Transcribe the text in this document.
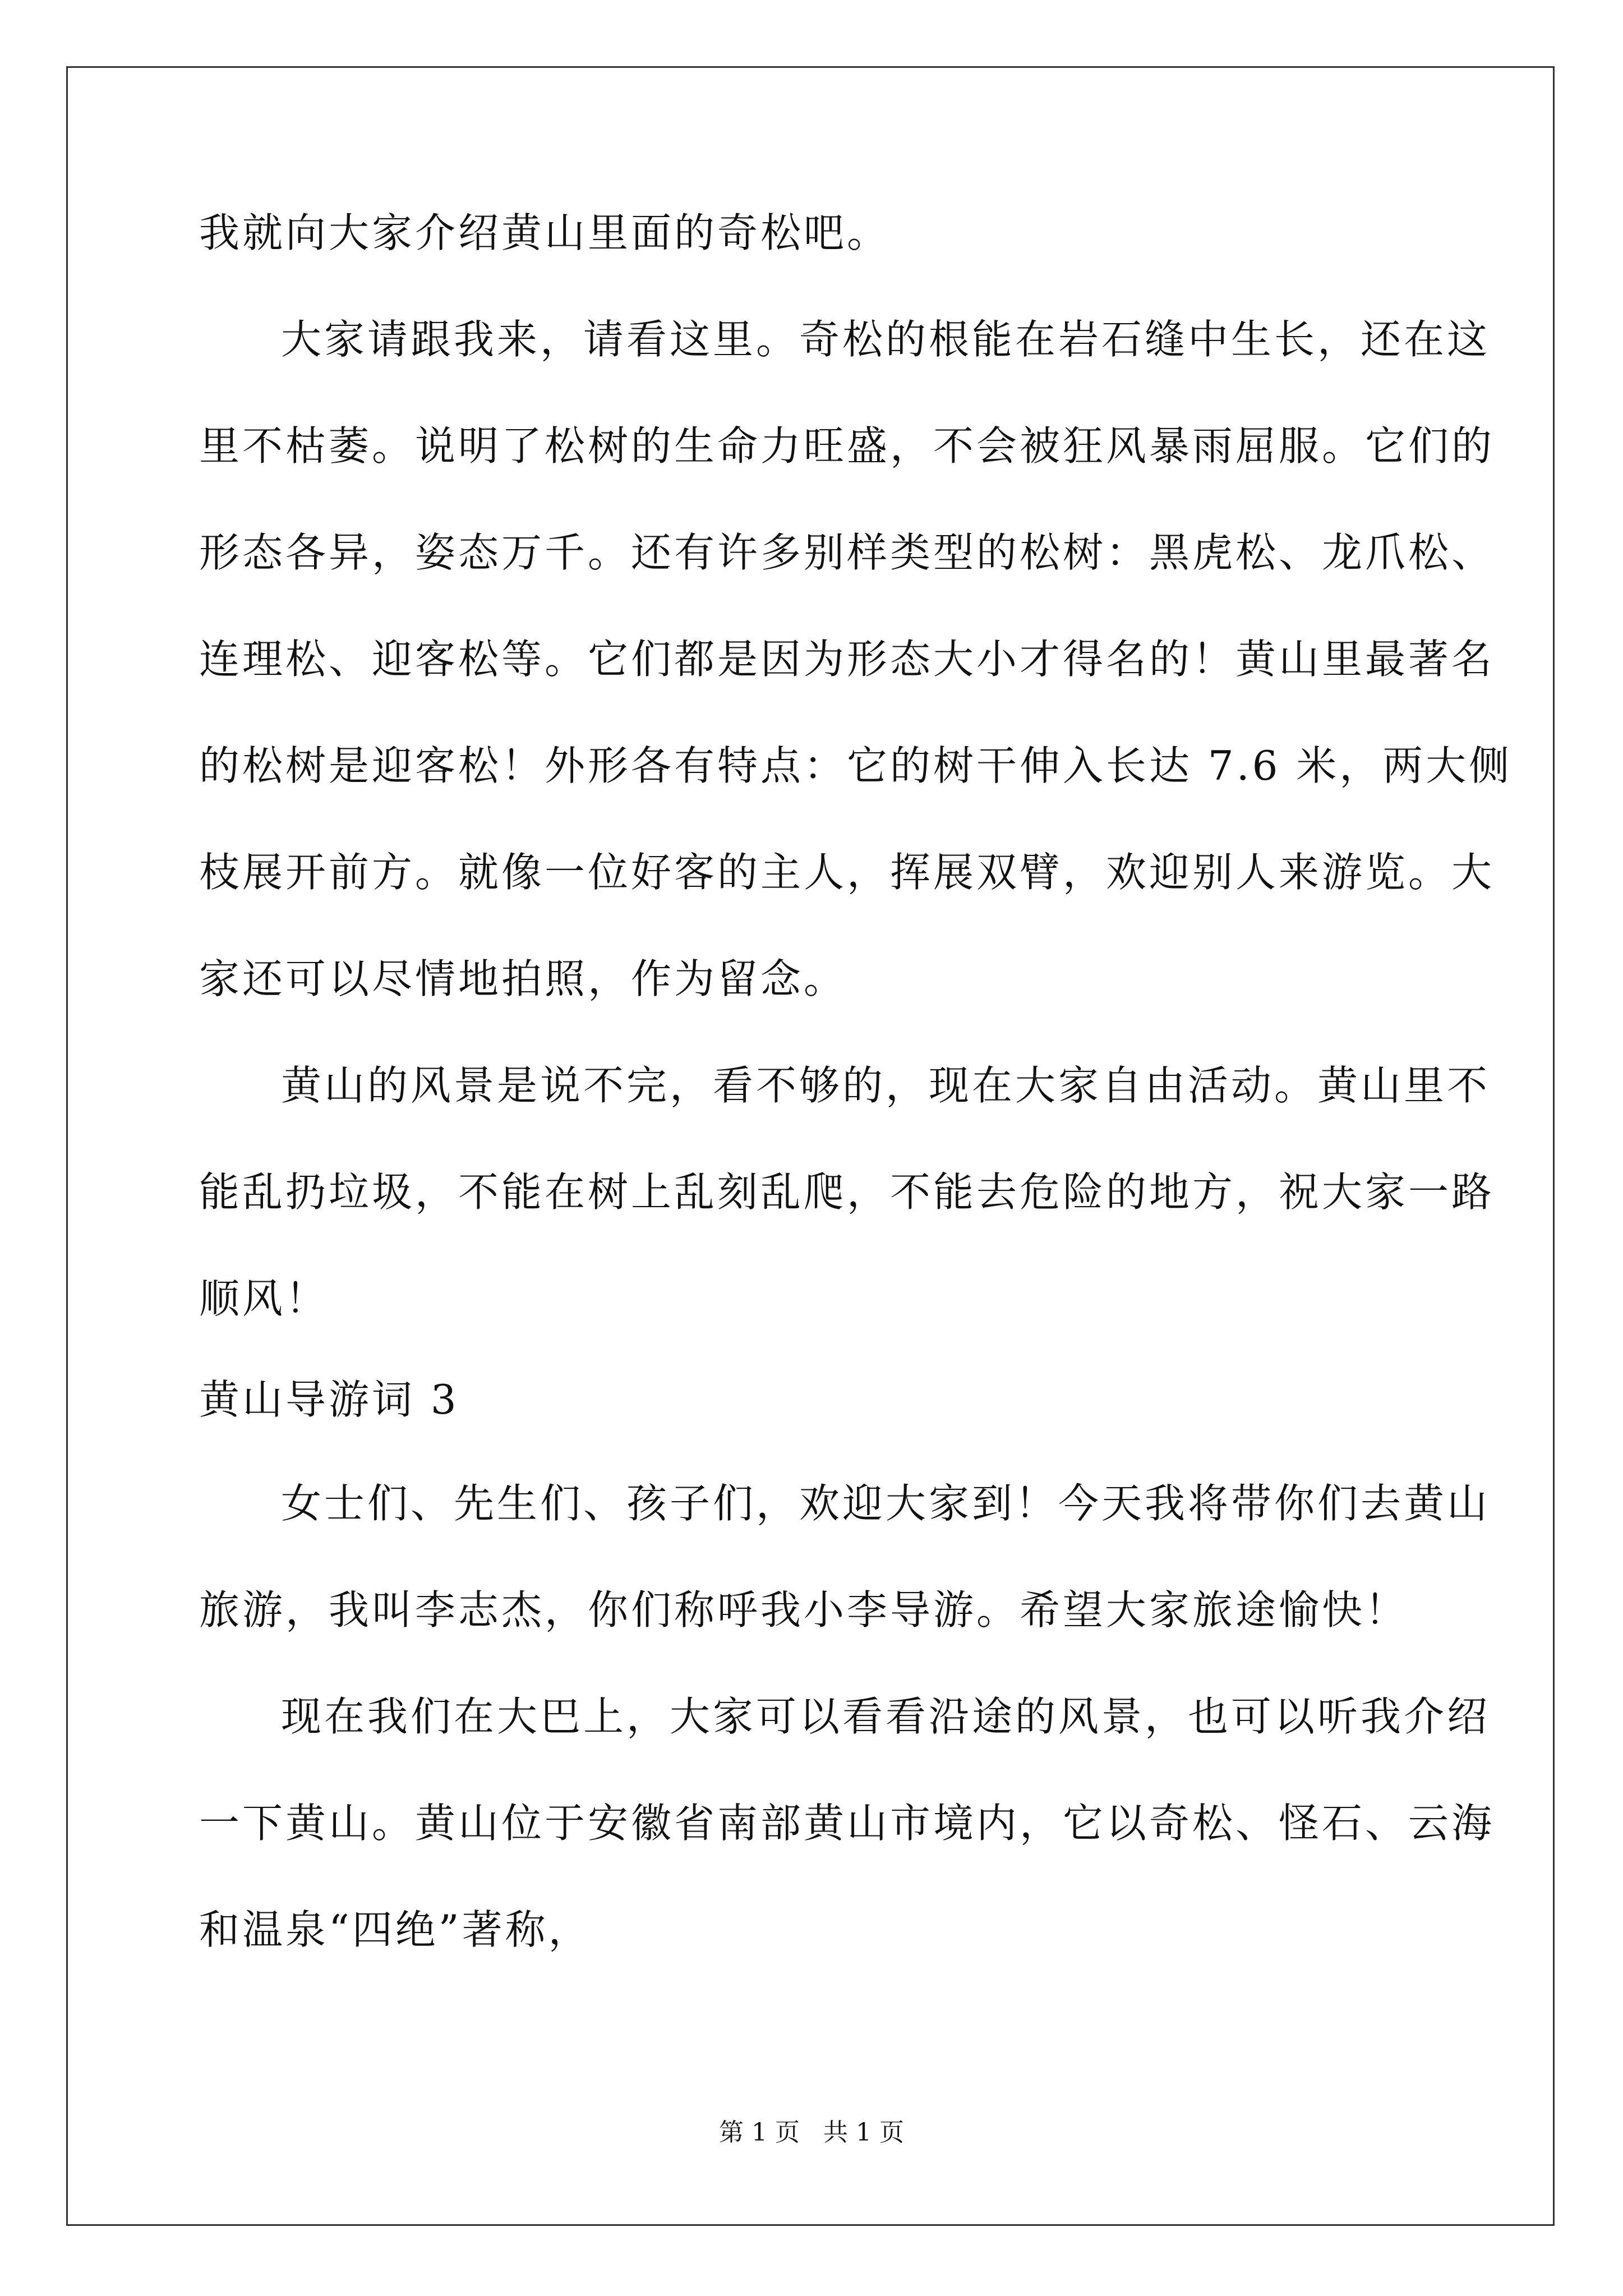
我就向大家介绍黄山里面的奇松吧。
大家请跟我来，请看这里。奇松的根能在岩石缝中生长，还在这
里不枯萎。说明了松树的生命力旺盛，不会被狂风暴雨屈服。它们的
形态各异，姿态万千。还有许多别样类型的松树：黑虎松、龙爪松、
连理松、迎客松等。它们都是因为形态大小才得名的！黄山里最著名
的松树是迎客松！外形各有特点：它的树干伸入长达 7.6 米，两大侧
枝展开前方。就像一位好客的主人，挥展双臂，欢迎别人来游览。大
家还可以尽情地拍照，作为留念。
黄山的风景是说不完，看不够的，现在大家自由活动。黄山里不
能乱扔垃圾，不能在树上乱刻乱爬，不能去危险的地方，祝大家一路
顺风！
黄山导游词 3
女士们、先生们、孩子们，欢迎大家到！今天我将带你们去黄山
旅游，我叫李志杰，你们称呼我小李导游。希望大家旅途愉快！
现在我们在大巴上，大家可以看看沿途的风景，也可以听我介绍
一下黄山。黄山位于安徽省南部黄山市境内，它以奇松、怪石、云海
和温泉“四绝”著称，
第 1 页   共 1 页
